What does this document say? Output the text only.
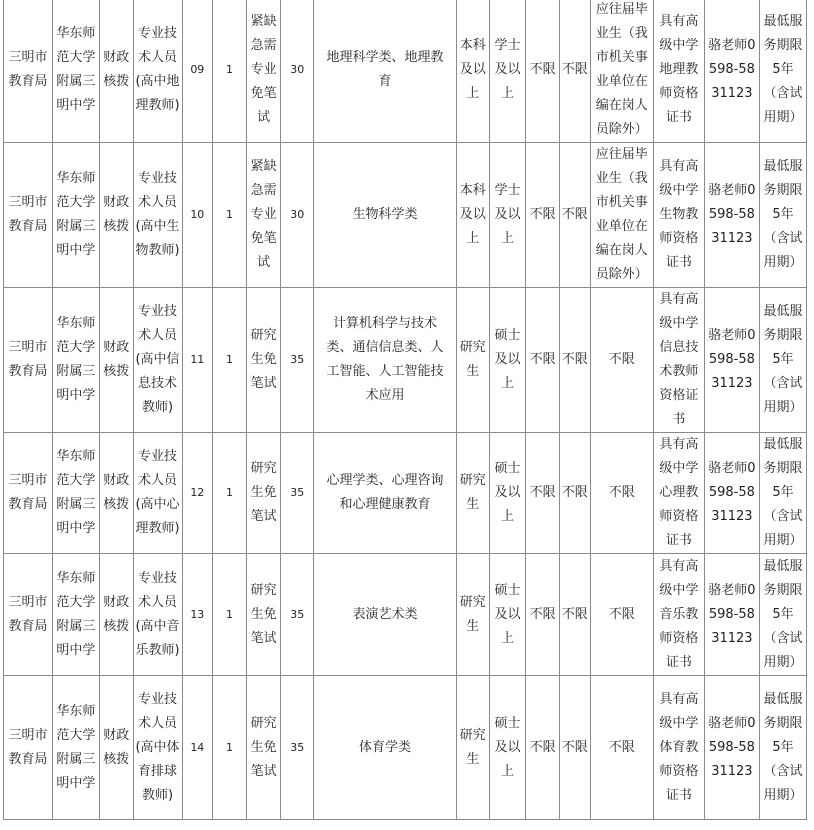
三明市教育局	华东师范大学附属三明中学	财政核拨	专业技术人员(高中地理教师)	09	1	紧缺急需专业免笔试	30	地理科学类、地理教育	本科及以上	学士及以上	不限	不限	应往届毕业生（我市机关事业单位在编在岗人员除外）	具有高级中学地理教师资格证书	骆老师0598-5831123	最低服务期限5年（含试用期）
三明市教育局	华东师范大学附属三明中学	财政核拨	专业技术人员(高中生物教师)	10	1	紧缺急需专业免笔试	30	生物科学类	本科及以上	学士及以上	不限	不限	应往届毕业生（我市机关事业单位在编在岗人员除外）	具有高级中学生物教师资格证书	骆老师0598-5831123	最低服务期限5年（含试用期）
三明市教育局	华东师范大学附属三明中学	财政核拨	专业技术人员(高中信息技术教师)	11	1	研究生免笔试	35	计算机科学与技术类、通信信息类、人工智能、人工智能技术应用	研究生	硕士及以上	不限	不限	不限	具有高级中学信息技术教师资格证书	骆老师0598-5831123	最低服务期限5年（含试用期）
三明市教育局	华东师范大学附属三明中学	财政核拨	专业技术人员(高中心理教师)	12	1	研究生免笔试	35	心理学类、心理咨询和心理健康教育	研究生	硕士及以上	不限	不限	不限	具有高级中学心理教师资格证书	骆老师0598-5831123	最低服务期限5年（含试用期）
三明市教育局	华东师范大学附属三明中学	财政核拨	专业技术人员(高中音乐教师)	13	1	研究生免笔试	35	表演艺术类	研究生	硕士及以上	不限	不限	不限	具有高级中学音乐教师资格证书	骆老师0598-5831123	最低服务期限5年（含试用期）
三明市教育局	华东师范大学附属三明中学	财政核拨	专业技术人员(高中体育排球教师)	14	1	研究生免笔试	35	体育学类	研究生	硕士及以上	不限	不限	不限	具有高级中学体育教师资格证书	骆老师0598-5831123	最低服务期限5年（含试用期）
